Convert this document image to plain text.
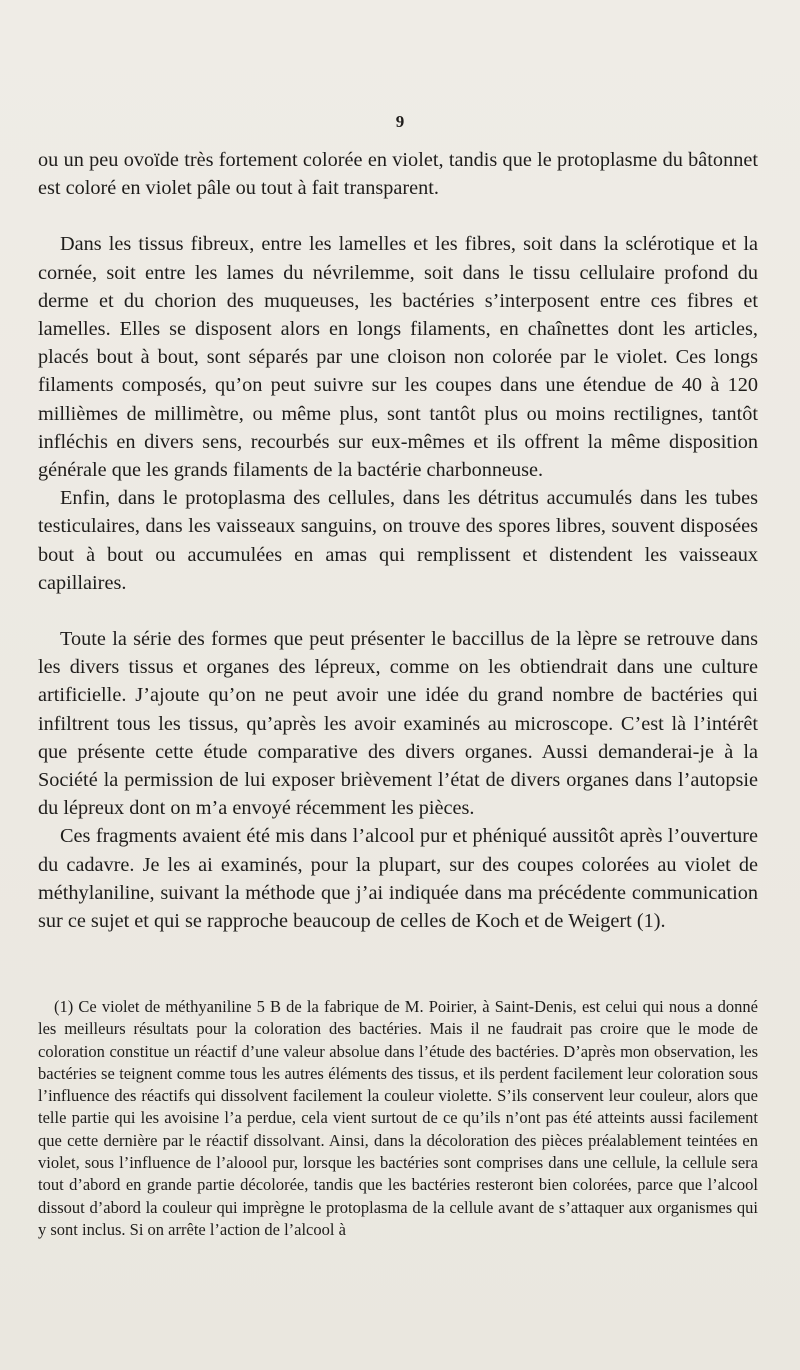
9

ou un peu ovoïde très fortement colorée en violet, tandis que le protoplasme du bâtonnet est coloré en violet pâle ou tout à fait transparent.

Dans les tissus fibreux, entre les lamelles et les fibres, soit dans la sclérotique et la cornée, soit entre les lames du névrilemme, soit dans le tissu cellulaire profond du derme et du chorion des muqueuses, les bactéries s’interposent entre ces fibres et lamelles. Elles se disposent alors en longs filaments, en chaînettes dont les articles, placés bout à bout, sont séparés par une cloison non colorée par le violet. Ces longs filaments composés, qu’on peut suivre sur les coupes dans une étendue de 40 à 120 millièmes de millimètre, ou même plus, sont tantôt plus ou moins rectilignes, tantôt infléchis en divers sens, recourbés sur eux-mêmes et ils offrent la même disposition générale que les grands filaments de la bactérie charbonneuse.

Enfin, dans le protoplasma des cellules, dans les détritus accumulés dans les tubes testiculaires, dans les vaisseaux sanguins, on trouve des spores libres, souvent disposées bout à bout ou accumulées en amas qui remplissent et distendent les vaisseaux capillaires.

Toute la série des formes que peut présenter le baccillus de la lèpre se retrouve dans les divers tissus et organes des lépreux, comme on les obtiendrait dans une culture artificielle. J’ajoute qu’on ne peut avoir une idée du grand nombre de bactéries qui infiltrent tous les tissus, qu’après les avoir examinés au microscope. C’est là l’intérêt que présente cette étude comparative des divers organes. Aussi demanderai-je à la Société la permission de lui exposer brièvement l’état de divers organes dans l’autopsie du lépreux dont on m’a envoyé récemment les pièces.

Ces fragments avaient été mis dans l’alcool pur et phéniqué aussitôt après l’ouverture du cadavre. Je les ai examinés, pour la plupart, sur des coupes colorées au violet de méthylaniline, suivant la méthode que j’ai indiquée dans ma précédente communication sur ce sujet et qui se rapproche beaucoup de celles de Koch et de Weigert (1).

(1) Ce violet de méthyaniline 5 B de la fabrique de M. Poirier, à Saint-Denis, est celui qui nous a donné les meilleurs résultats pour la coloration des bactéries. Mais il ne faudrait pas croire que le mode de coloration constitue un réactif d’une valeur absolue dans l’étude des bactéries. D’après mon observation, les bactéries se teignent comme tous les autres éléments des tissus, et ils perdent facilement leur coloration sous l’influence des réactifs qui dissolvent facilement la couleur violette. S’ils conservent leur couleur, alors que telle partie qui les avoisine l’a perdue, cela vient surtout de ce qu’ils n’ont pas été atteints aussi facilement que cette dernière par le réactif dissolvant. Ainsi, dans la décoloration des pièces préalablement teintées en violet, sous l’influence de l’aloool pur, lorsque les bactéries sont comprises dans une cellule, la cellule sera tout d’abord en grande partie décolorée, tandis que les bactéries resteront bien colorées, parce que l’alcool dissout d’abord la couleur qui imprègne le protoplasma de la cellule avant de s’attaquer aux organismes qui y sont inclus. Si on arrête l’action de l’alcool à
